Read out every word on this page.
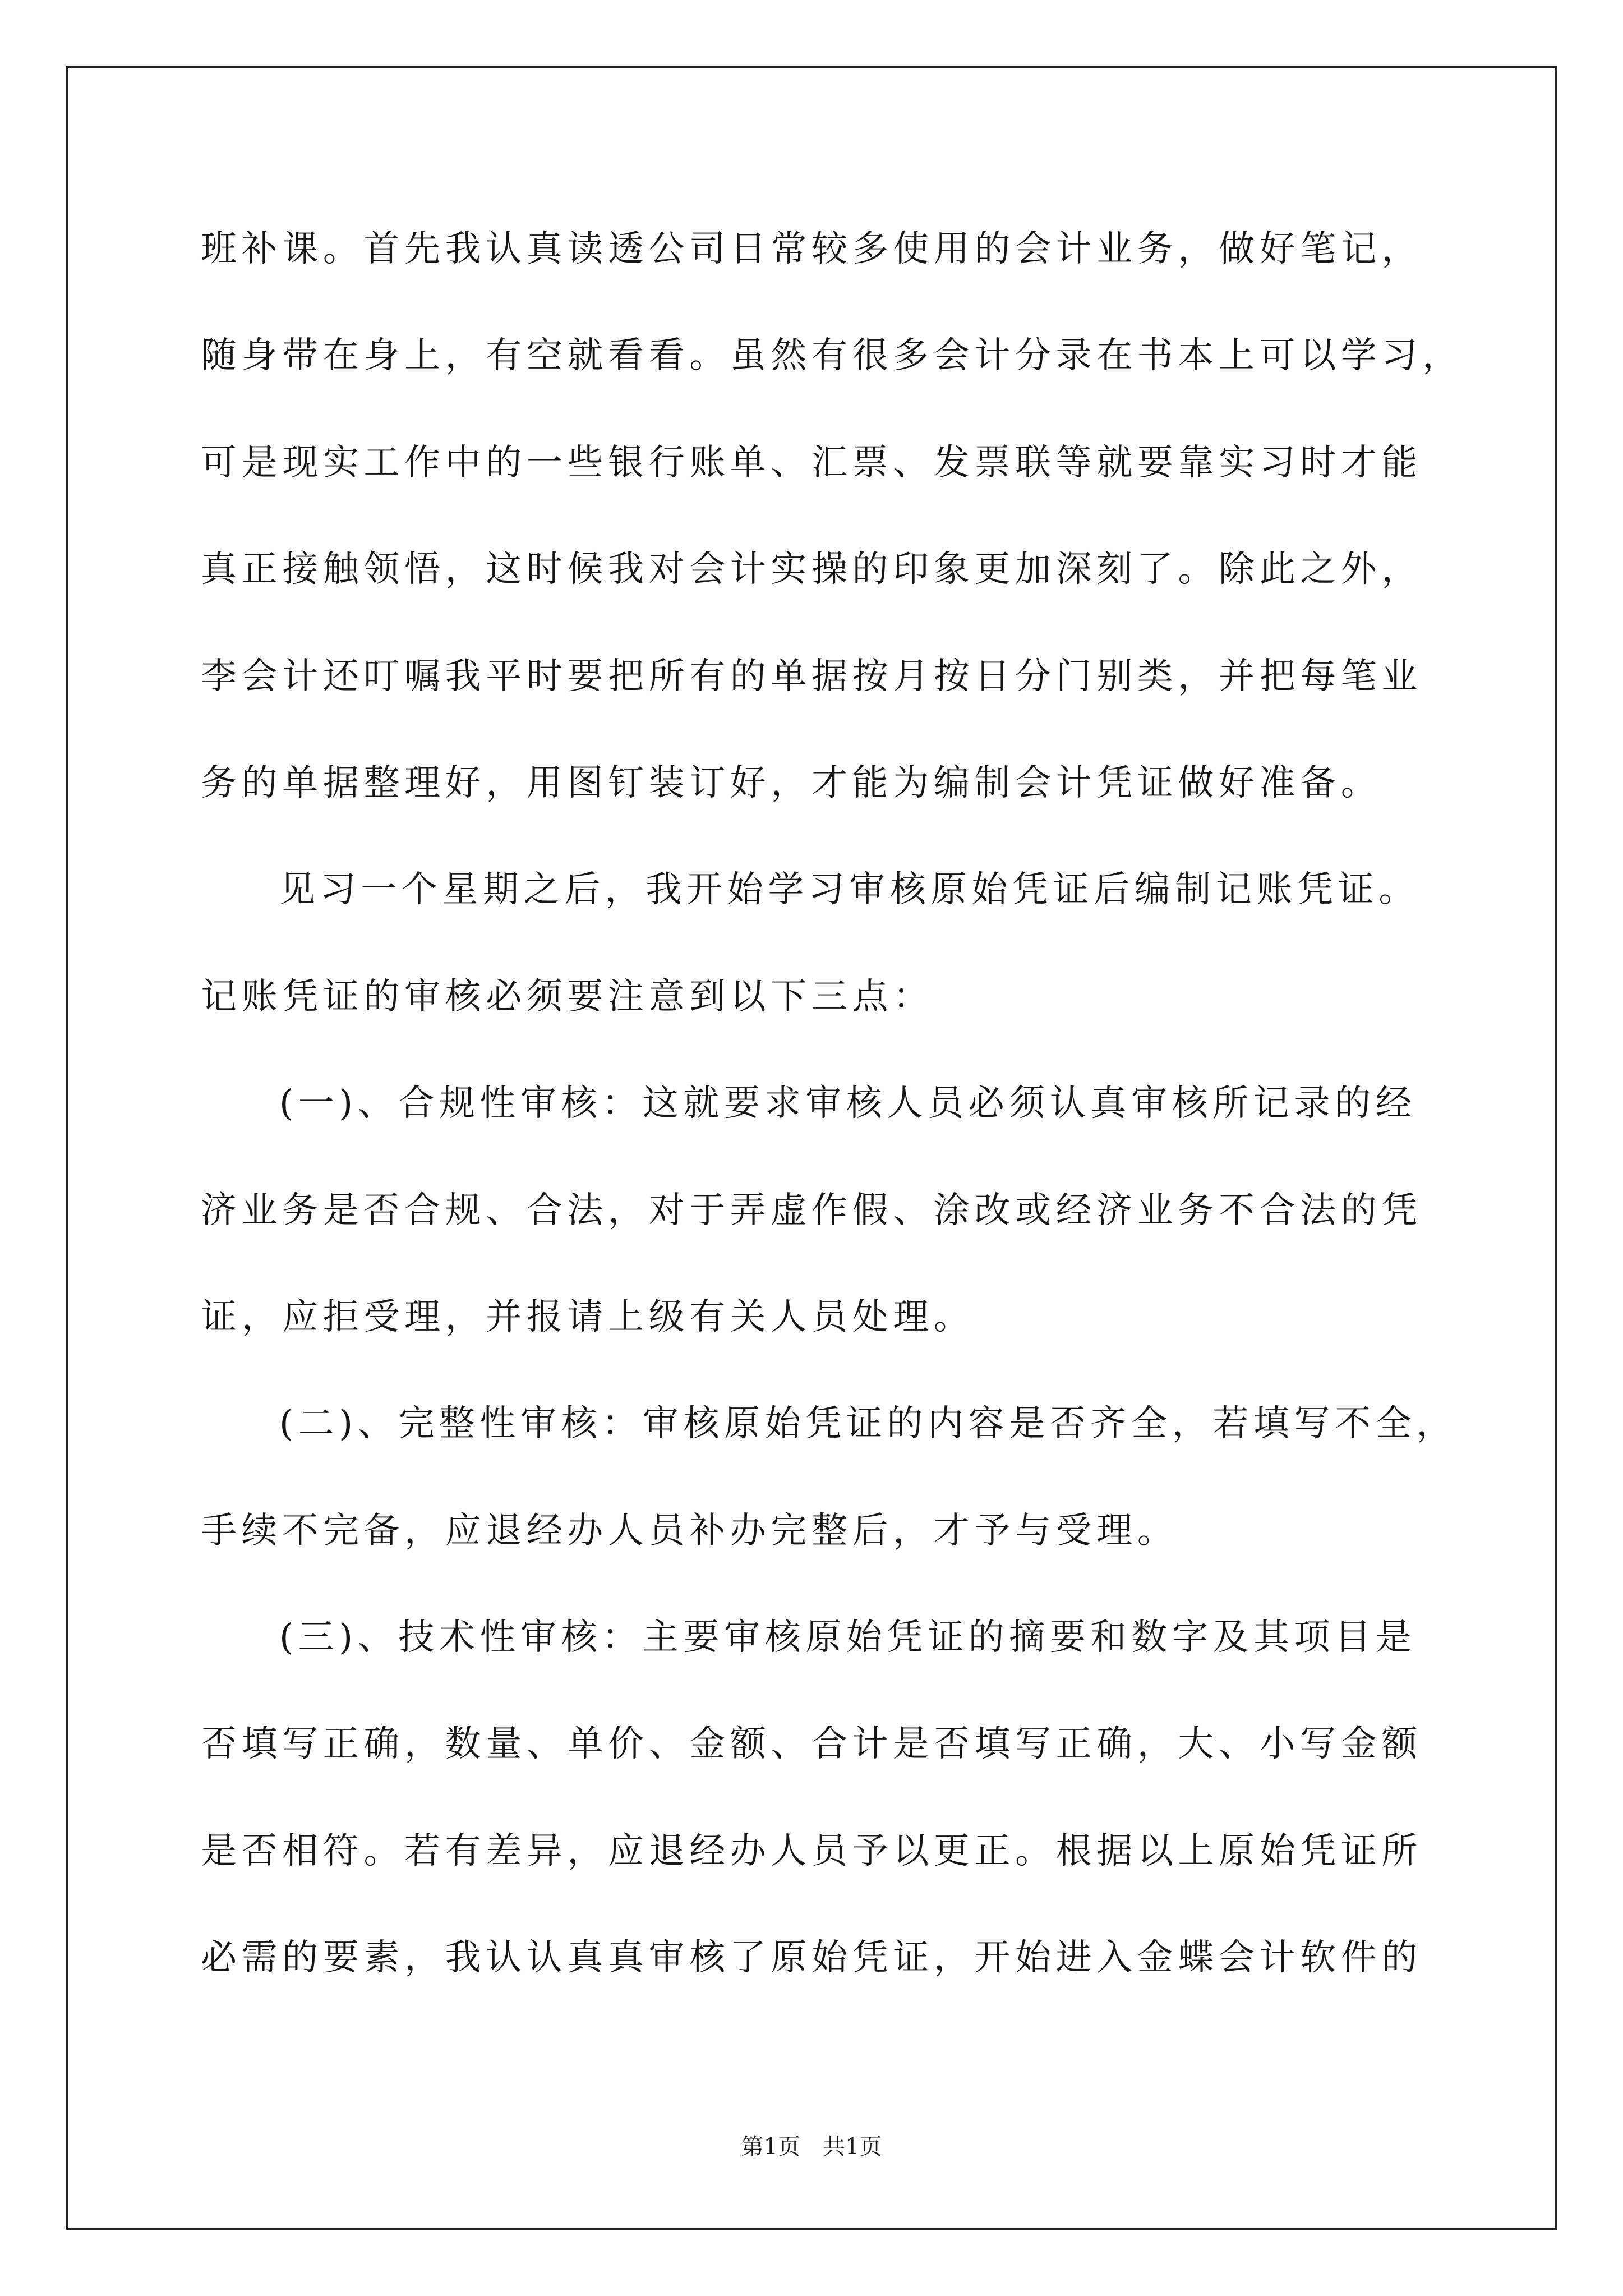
班补课。首先我认真读透公司日常较多使用的会计业务，做好笔记，
随身带在身上，有空就看看。虽然有很多会计分录在书本上可以学习，
可是现实工作中的一些银行账单、汇票、发票联等就要靠实习时才能
真正接触领悟，这时候我对会计实操的印象更加深刻了。除此之外，
李会计还叮嘱我平时要把所有的单据按月按日分门别类，并把每笔业
务的单据整理好，用图钉装订好，才能为编制会计凭证做好准备。
见习一个星期之后，我开始学习审核原始凭证后编制记账凭证。
记账凭证的审核必须要注意到以下三点：
(一)、合规性审核：这就要求审核人员必须认真审核所记录的经
济业务是否合规、合法，对于弄虚作假、涂改或经济业务不合法的凭
证，应拒受理，并报请上级有关人员处理。
(二)、完整性审核：审核原始凭证的内容是否齐全，若填写不全，
手续不完备，应退经办人员补办完整后，才予与受理。
(三)、技术性审核：主要审核原始凭证的摘要和数字及其项目是
否填写正确，数量、单价、金额、合计是否填写正确，大、小写金额
是否相符。若有差异，应退经办人员予以更正。根据以上原始凭证所
必需的要素，我认认真真审核了原始凭证，开始进入金蝶会计软件的
第1页　共1页
